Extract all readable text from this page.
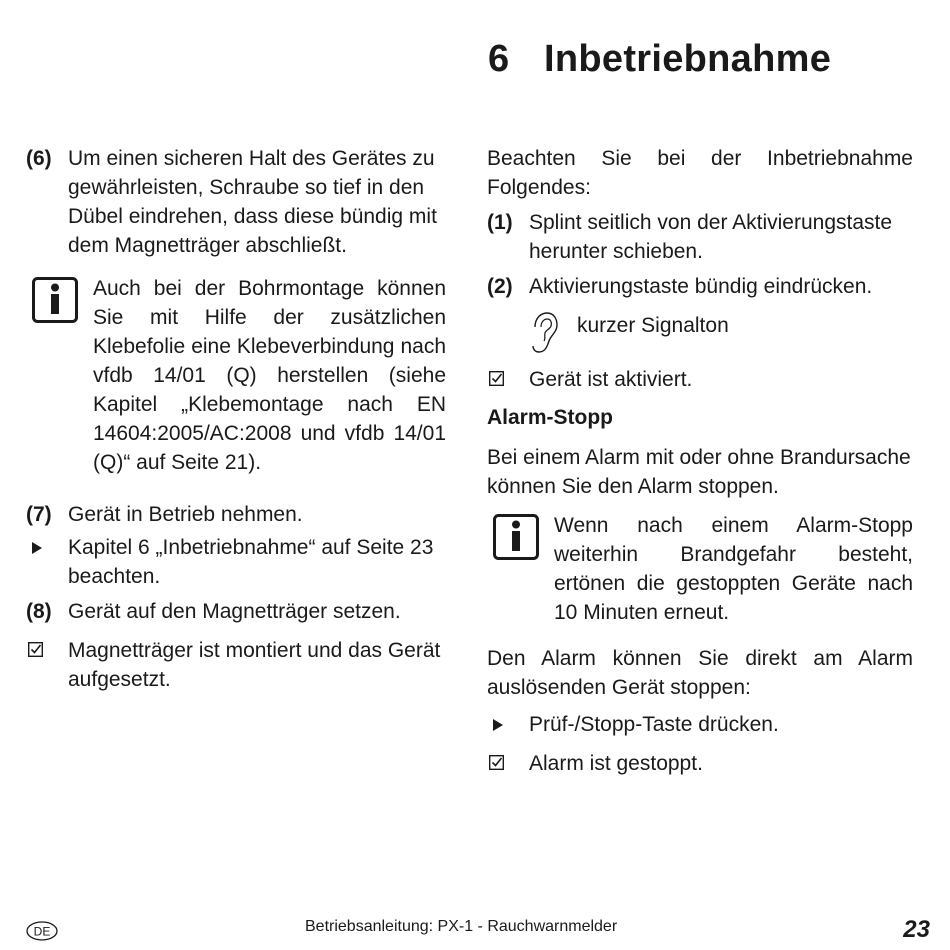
6 Inbetriebnahme
(6) Um einen sicheren Halt des Gerätes zu gewährleisten, Schraube so tief in den Dübel eindrehen, dass diese bündig mit dem Magnetträger abschließt.
Auch bei der Bohrmontage können Sie mit Hilfe der zusätzlichen Klebefolie eine Klebeverbindung nach vfdb 14/01 (Q) herstellen (siehe Kapitel „Klebemontage nach EN 14604:2005/AC:2008 und vfdb 14/01 (Q)“ auf Seite 21).
(7) Gerät in Betrieb nehmen.
Kapitel 6 „Inbetriebnahme“ auf Seite 23 beachten.
(8) Gerät auf den Magnetträger setzen.
Magnetträger ist montiert und das Gerät aufgesetzt.
Beachten Sie bei der Inbetriebnahme Folgendes:
(1) Splint seitlich von der Aktivierungstaste herunter schieben.
(2) Aktivierungstaste bündig eindrücken.
kurzer Signalton
Gerät ist aktiviert.
Alarm-Stopp
Bei einem Alarm mit oder ohne Brandursache können Sie den Alarm stoppen.
Wenn nach einem Alarm-Stopp weiterhin Brandgefahr besteht, ertönen die gestoppten Geräte nach 10 Minuten erneut.
Den Alarm können Sie direkt am Alarm auslösenden Gerät stoppen:
Prüf-/Stopp-Taste drücken.
Alarm ist gestoppt.
DE	Betriebsanleitung: PX-1 - Rauchwarnmelder	23
